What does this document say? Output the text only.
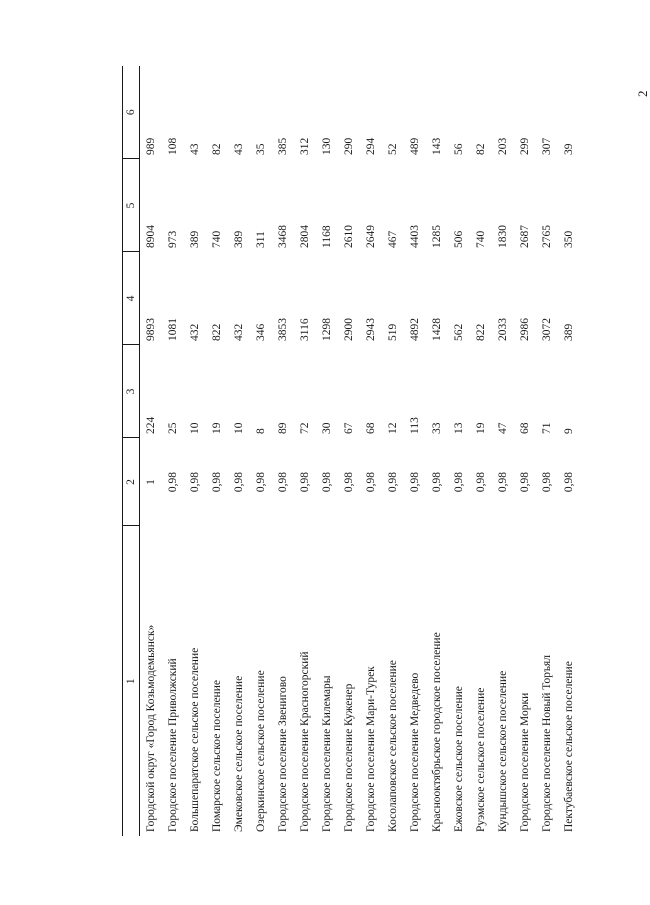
2
1	2	3	4	5	6
Городской округ «Город Козьмодемьянск»	1	224	9893	8904	989
Городское поселение Приволжский	0,98	25	1081	973	108
Большепаратское сельское поселение	0,98	10	432	389	43
Помарское сельское поселение	0,98	19	822	740	82
Эмековское сельское поселение	0,98	10	432	389	43
Озеркинское сельское поселение	0,98	8	346	311	35
Городское поселение Звенигово	0,98	89	3853	3468	385
Городское поселение Красногорский	0,98	72	3116	2804	312
Городское поселение Килемары	0,98	30	1298	1168	130
Городское поселение Куженер	0,98	67	2900	2610	290
Городское поселение Мари-Турек	0,98	68	2943	2649	294
Косолаповское сельское поселение	0,98	12	519	467	52
Городское поселение Медведево	0,98	113	4892	4403	489
Краснооктябрьское городское поселение	0,98	33	1428	1285	143
Ежовское сельское поселение	0,98	13	562	506	56
Руэмское сельское поселение	0,98	19	822	740	82
Кундышское сельское поселение	0,98	47	2033	1830	203
Городское поселение Морки	0,98	68	2986	2687	299
Городское поселение Новый Торъял	0,98	71	3072	2765	307
Пектубаевское сельское поселение	0,98	9	389	350	39
